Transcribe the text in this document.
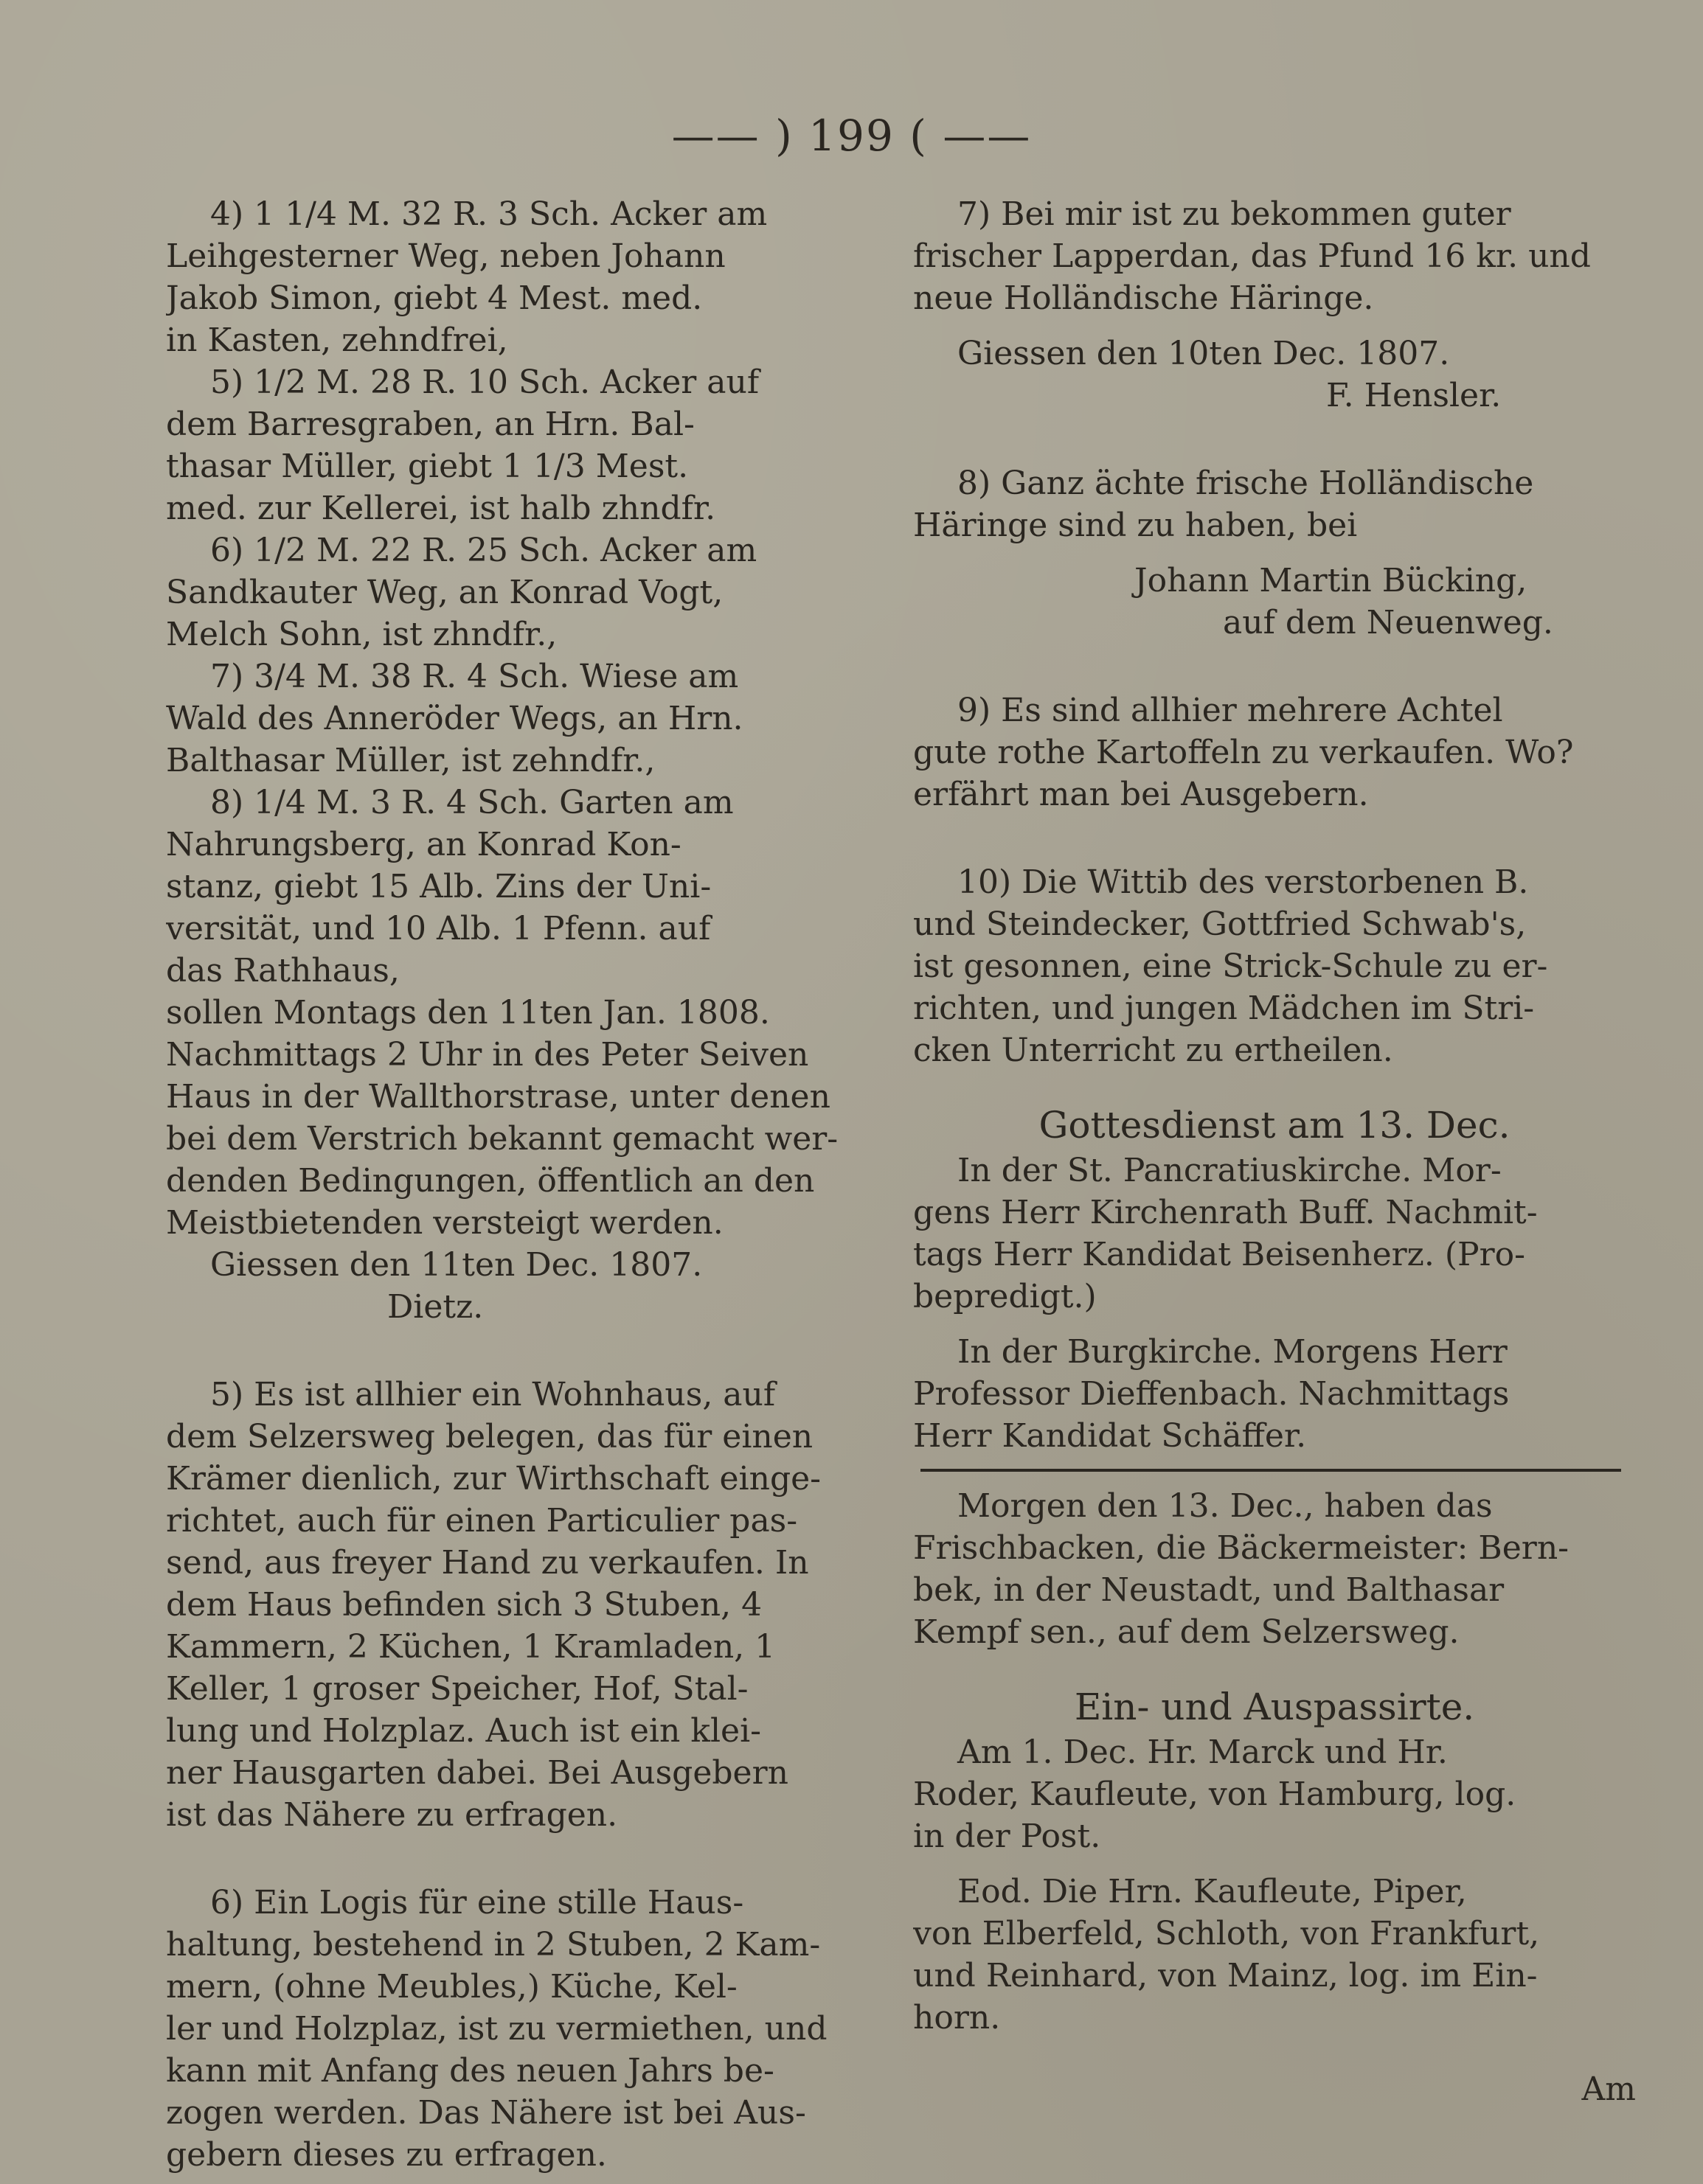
—— ) 199 ( ——
4) 1 1/4 M. 32 R. 3 Sch. Acker am
Leihgesterner Weg, neben Johann
Jakob Simon, giebt 4 Mest. med.
in Kasten, zehndfrei,
5) 1/2 M. 28 R. 10 Sch. Acker auf
dem Barresgraben, an Hrn. Bal-
thasar Müller, giebt 1 1/3 Mest.
med. zur Kellerei, ist halb zhndfr.
6) 1/2 M. 22 R. 25 Sch. Acker am
Sandkauter Weg, an Konrad Vogt,
Melch Sohn, ist zhndfr.,
7) 3/4 M. 38 R. 4 Sch. Wiese am
Wald des Anneröder Wegs, an Hrn.
Balthasar Müller, ist zehndfr.,
8) 1/4 M. 3 R. 4 Sch. Garten am
Nahrungsberg, an Konrad Kon-
stanz, giebt 15 Alb. Zins der Uni-
versität, und 10 Alb. 1 Pfenn. auf
das Rathhaus,
sollen Montags den 11ten Jan. 1808.
Nachmittags 2 Uhr in des Peter Seiven
Haus in der Wallthorstrase, unter denen
bei dem Verstrich bekannt gemacht wer-
denden Bedingungen, öffentlich an den
Meistbietenden versteigt werden.
Giessen den 11ten Dec. 1807.
Dietz.
5) Es ist allhier ein Wohnhaus, auf
dem Selzersweg belegen, das für einen
Krämer dienlich, zur Wirthschaft einge-
richtet, auch für einen Particulier pas-
send, aus freyer Hand zu verkaufen. In
dem Haus befinden sich 3 Stuben, 4
Kammern, 2 Küchen, 1 Kramladen, 1
Keller, 1 groser Speicher, Hof, Stal-
lung und Holzplaz. Auch ist ein klei-
ner Hausgarten dabei. Bei Ausgebern
ist das Nähere zu erfragen.
6) Ein Logis für eine stille Haus-
haltung, bestehend in 2 Stuben, 2 Kam-
mern, (ohne Meubles,) Küche, Kel-
ler und Holzplaz, ist zu vermiethen, und
kann mit Anfang des neuen Jahrs be-
zogen werden. Das Nähere ist bei Aus-
gebern dieses zu erfragen.
7) Bei mir ist zu bekommen guter
frischer Lapperdan, das Pfund 16 kr. und
neue Holländische Häringe.
Giessen den 10ten Dec. 1807.
F. Hensler.
8) Ganz ächte frische Holländische
Häringe sind zu haben, bei
Johann Martin Bücking,
auf dem Neuenweg.
9) Es sind allhier mehrere Achtel
gute rothe Kartoffeln zu verkaufen. Wo?
erfährt man bei Ausgebern.
10) Die Wittib des verstorbenen B.
und Steindecker, Gottfried Schwab's,
ist gesonnen, eine Strick-Schule zu er-
richten, und jungen Mädchen im Stri-
cken Unterricht zu ertheilen.
Gottesdienst am 13. Dec.
In der St. Pancratiuskirche. Mor-
gens Herr Kirchenrath Buff. Nachmit-
tags Herr Kandidat Beisenherz. (Pro-
bepredigt.)
In der Burgkirche. Morgens Herr
Professor Dieffenbach. Nachmittags
Herr Kandidat Schäffer.
Morgen den 13. Dec., haben das
Frischbacken, die Bäckermeister: Bern-
bek, in der Neustadt, und Balthasar
Kempf sen., auf dem Selzersweg.
Ein- und Auspassirte.
Am 1. Dec. Hr. Marck und Hr.
Roder, Kaufleute, von Hamburg, log.
in der Post.
Eod. Die Hrn. Kaufleute, Piper,
von Elberfeld, Schloth, von Frankfurt,
und Reinhard, von Mainz, log. im Ein-
horn.
Am
